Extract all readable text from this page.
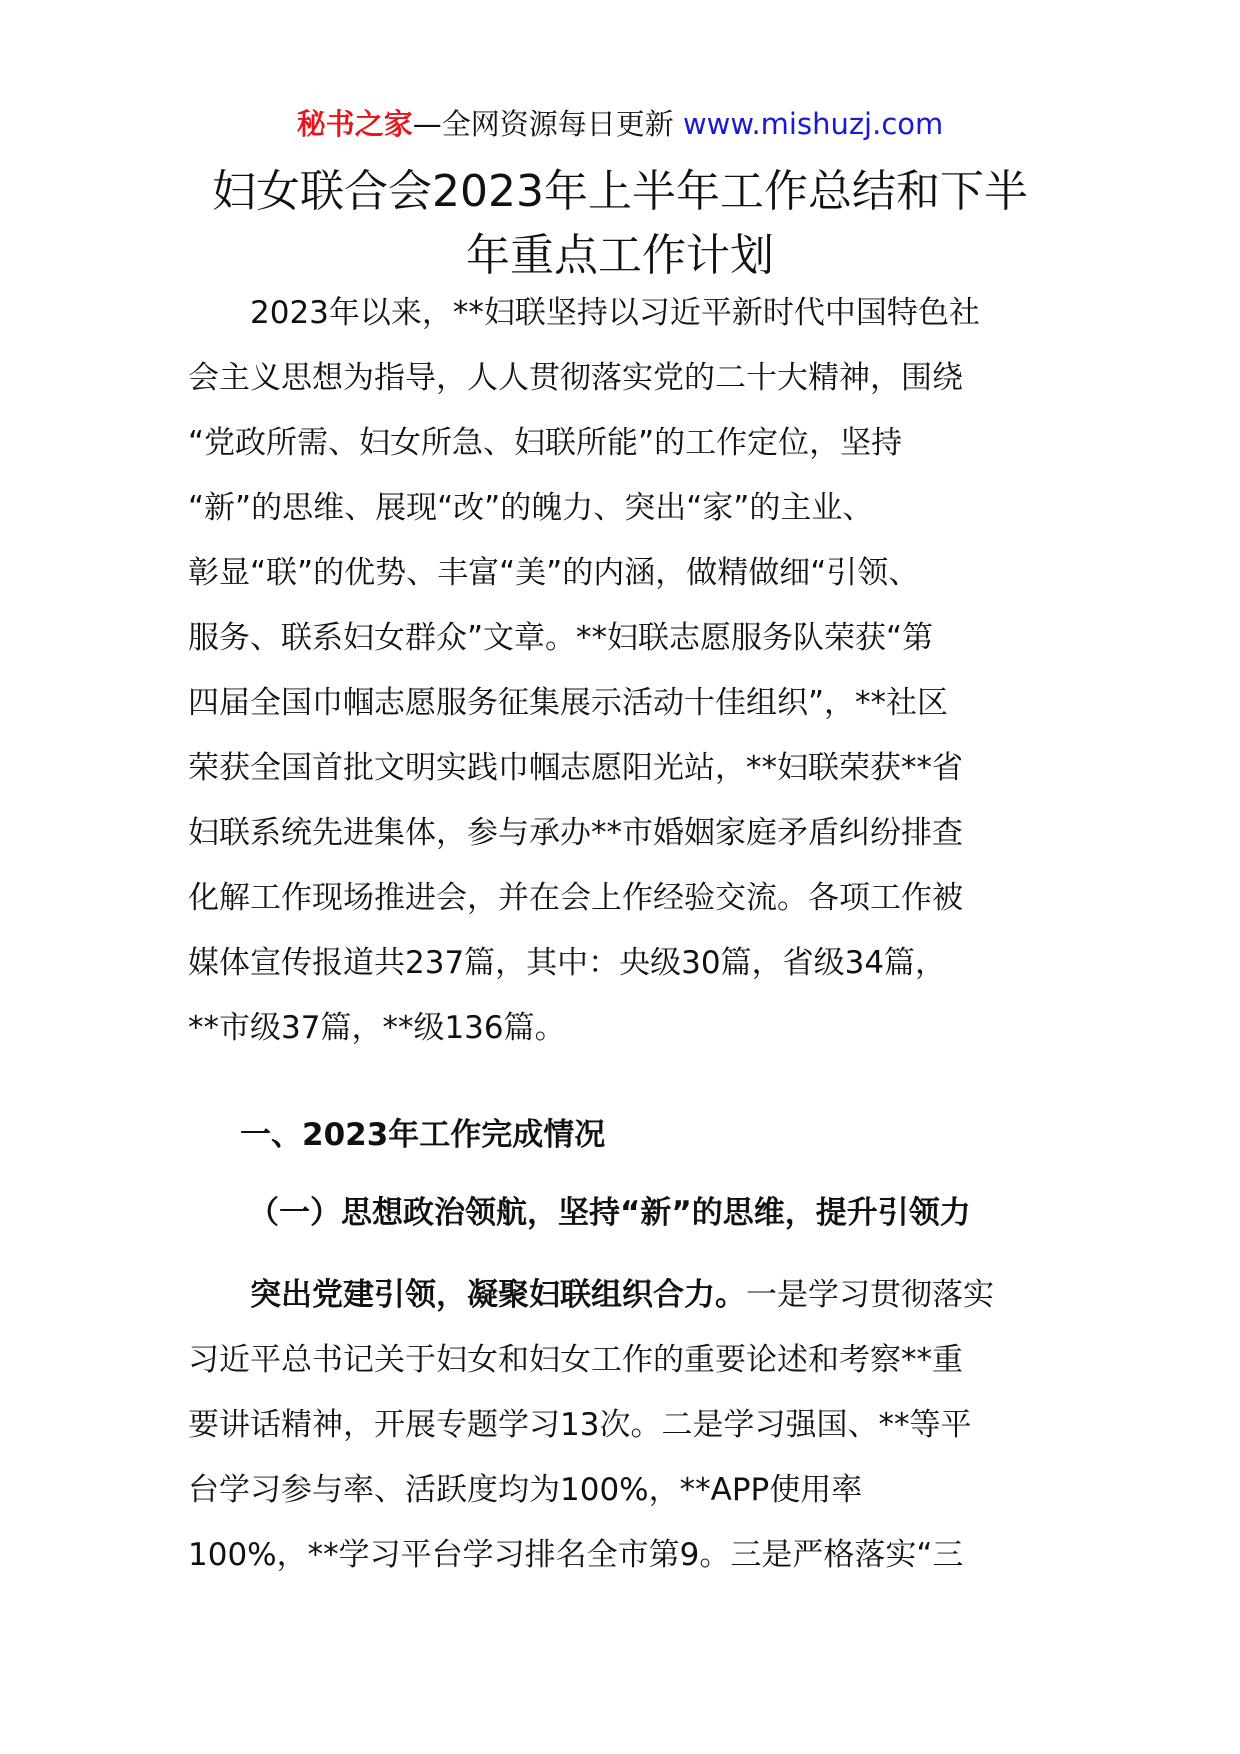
秘书之家—全网资源每日更新 www.mishuzj.com
妇女联合会2023年上半年工作总结和下半
年重点工作计划
2023年以来，**妇联坚持以习近平新时代中国特色社
会主义思想为指导，人人贯彻落实党的二十大精神，围绕
“党政所需、妇女所急、妇联所能”的工作定位，坚持
“新”的思维、展现“改”的魄力、突出“家”的主业、
彰显“联”的优势、丰富“美”的内涵，做精做细“引领、
服务、联系妇女群众”文章。**妇联志愿服务队荣获“第
四届全国巾帼志愿服务征集展示活动十佳组织”，**社区
荣获全国首批文明实践巾帼志愿阳光站，**妇联荣获**省
妇联系统先进集体，参与承办**市婚姻家庭矛盾纠纷排查
化解工作现场推进会，并在会上作经验交流。各项工作被
媒体宣传报道共237篇，其中：央级30篇，省级34篇，
**市级37篇，**级136篇。
一、2023年工作完成情况
（一）思想政治领航，坚持“新”的思维，提升引领力
突出党建引领，凝聚妇联组织合力。一是学习贯彻落实
习近平总书记关于妇女和妇女工作的重要论述和考察**重
要讲话精神，开展专题学习13次。二是学习强国、**等平
台学习参与率、活跃度均为100%，**APP使用率
100%，**学习平台学习排名全市第9。三是严格落实“三
